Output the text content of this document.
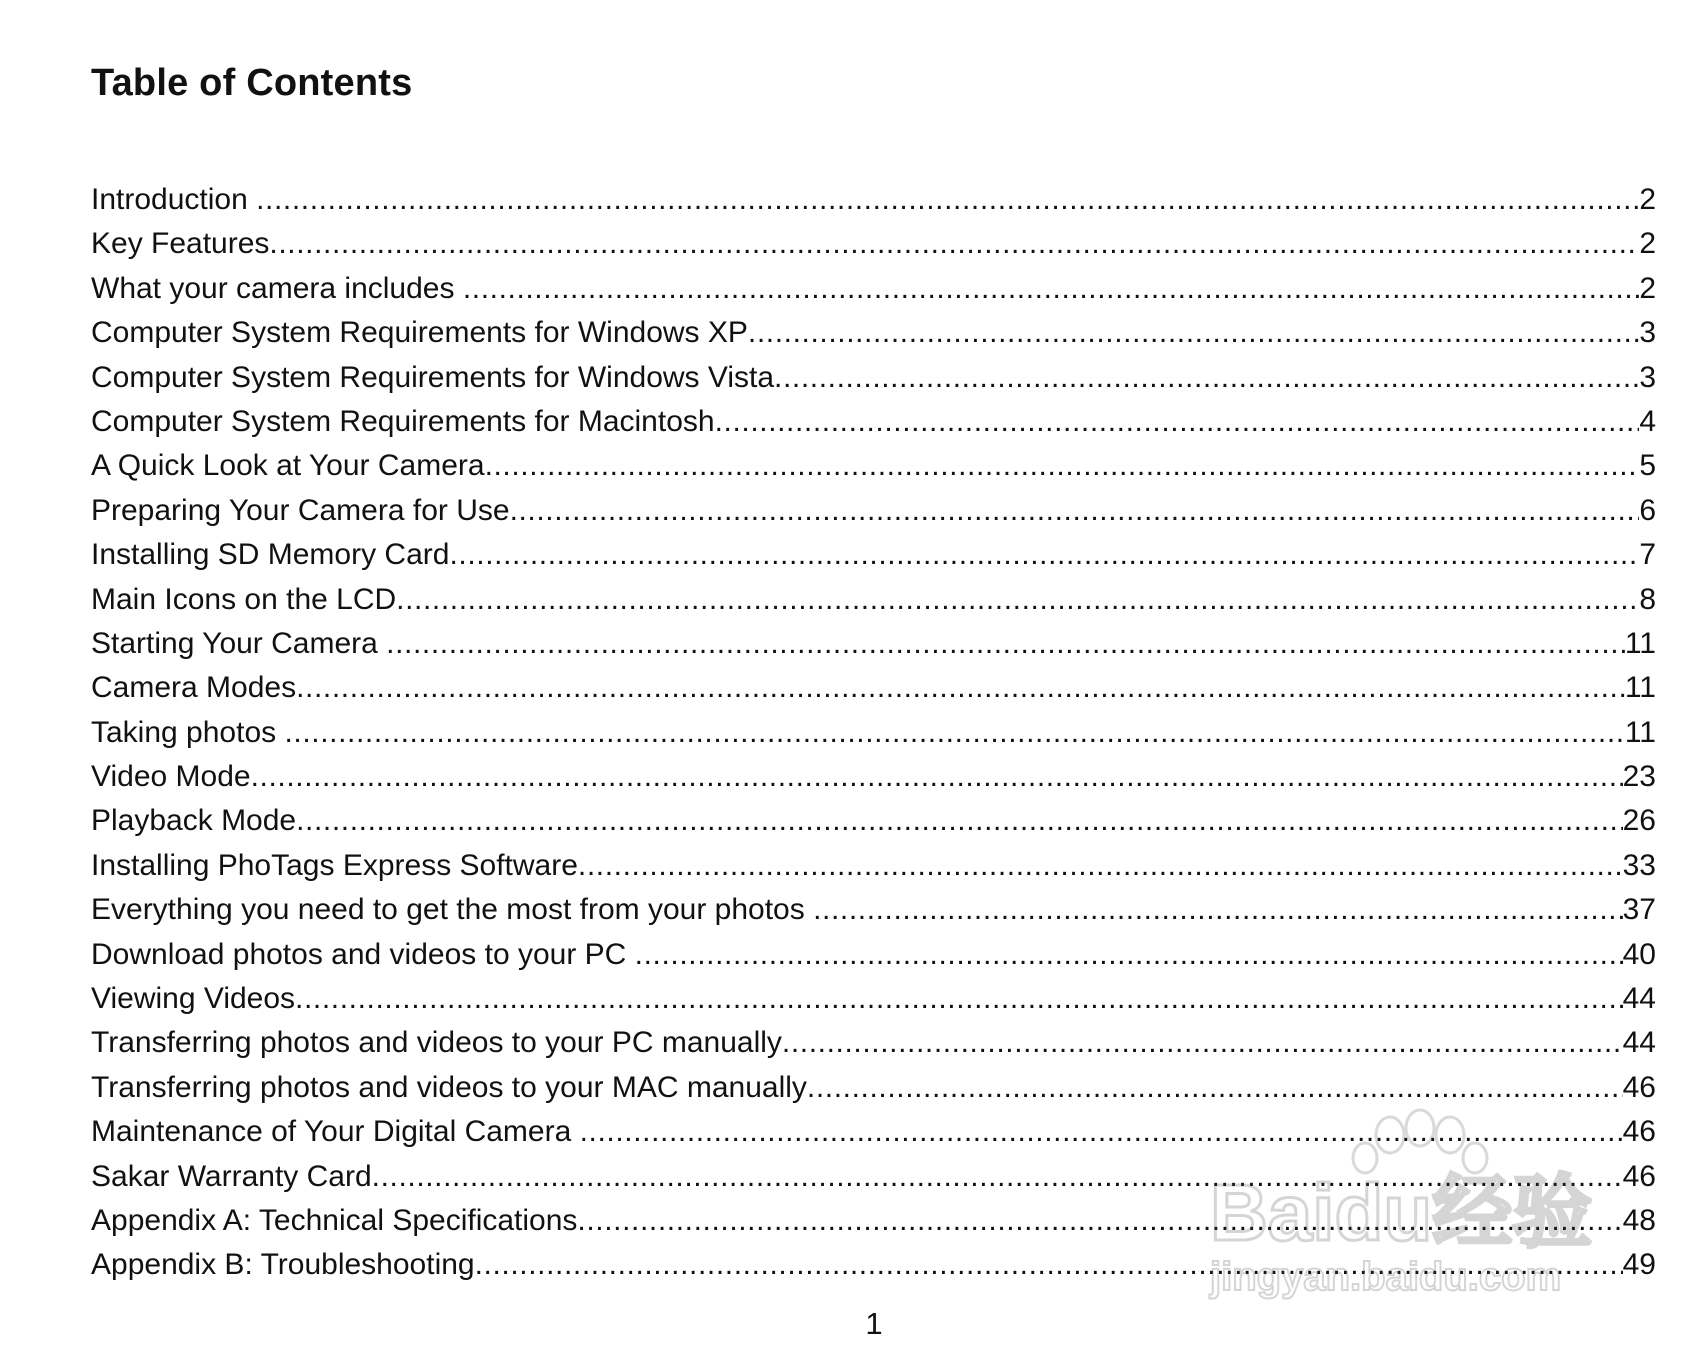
Table of Contents
Introduction .....	2
Key Features .....	2
What your camera includes .....	2
Computer System Requirements for Windows XP .....	3
Computer System Requirements for Windows Vista .....	3
Computer System Requirements for Macintosh .....	4
A Quick Look at Your Camera .....	5
Preparing Your Camera for Use .....	6
Installing SD Memory Card .....	7
Main Icons on the LCD .....	8
Starting Your Camera .....	11
Camera Modes .....	11
Taking photos .....	11
Video Mode .....	23
Playback Mode .....	26
Installing PhoTags Express Software .....	33
Everything you need to get the most from your photos .....	37
Download photos and videos to your PC .....	40
Viewing Videos .....	44
Transferring photos and videos to your PC manually .....	44
Transferring photos and videos to your MAC manually .....	46
Maintenance of Your Digital Camera .....	46
Sakar Warranty Card .....	46
Appendix A: Technical Specifications .....	48
Appendix B: Troubleshooting .....	49
1
Baidu经验
jingyan.baidu.com
